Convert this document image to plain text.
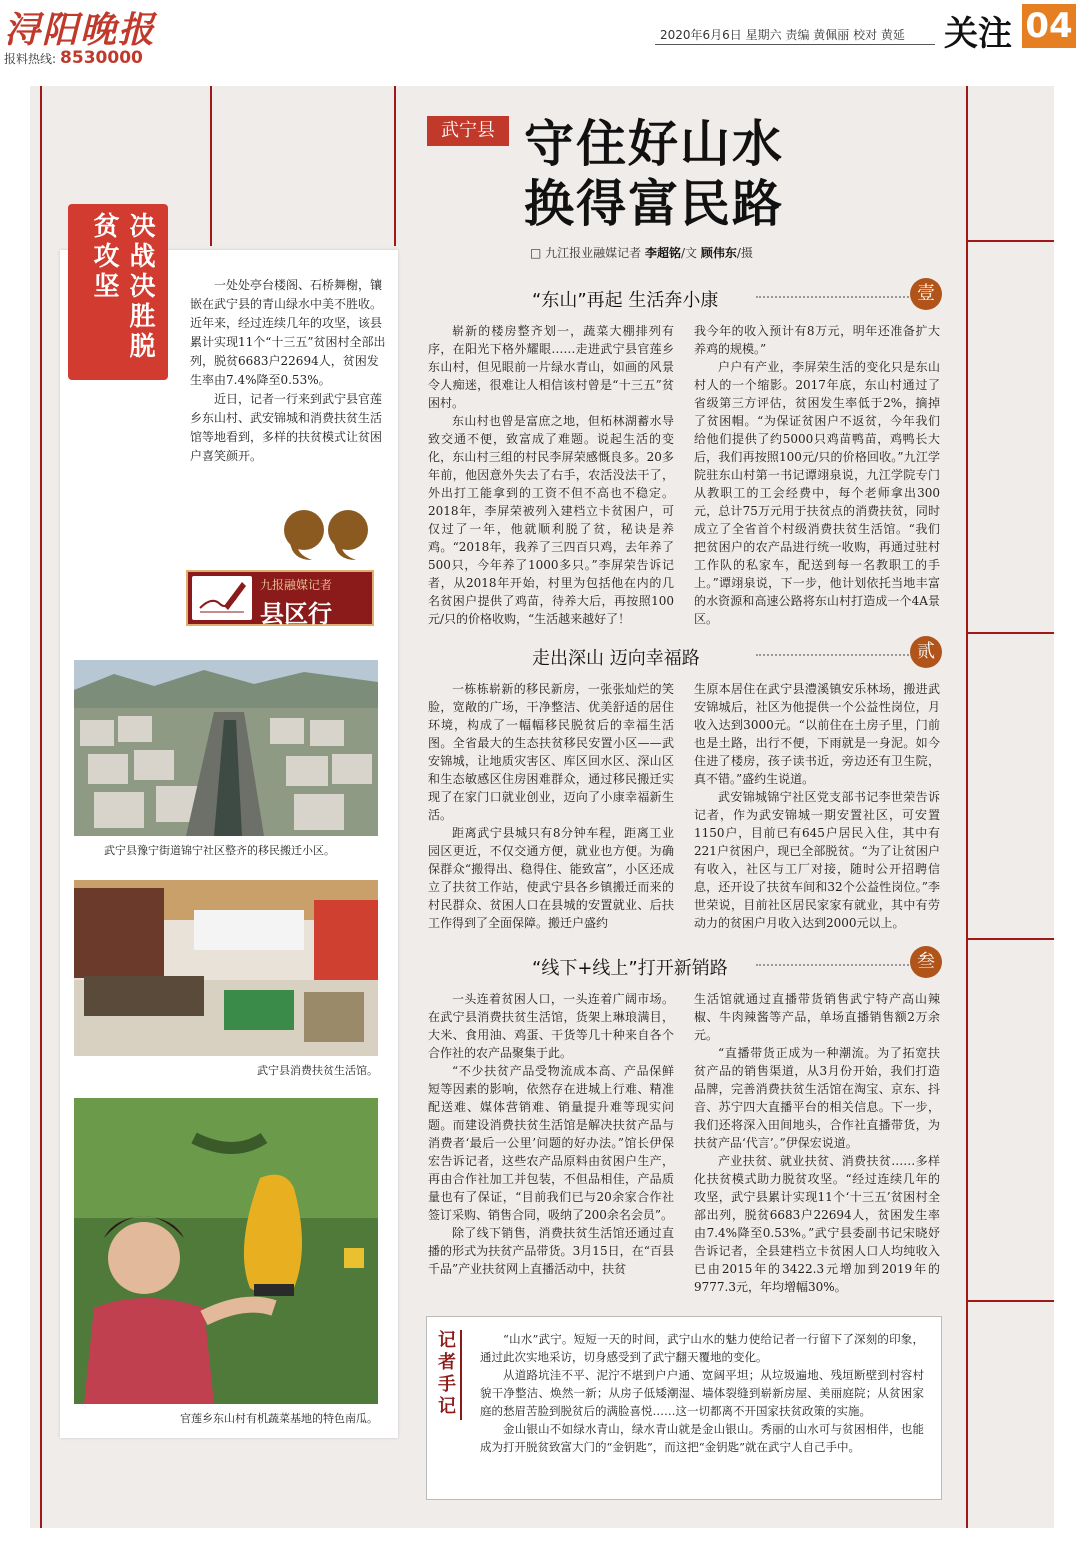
浔阳晚报
报料热线: 8530000
2020年6月6日 星期六 责编 黄佩丽 校对 黄延 关注 04
决战决胜脱贫攻坚	一处处亭台楼阁、石桥舞榭，镶嵌在武宁县的青山绿水中美不胜收。近年来，经过连续几年的攻坚，该县累计实现11个“十三五”贫困村全部出列，脱贫6683户22694人，贫困发生率由7.4%降至0.53%。

近日，记者一行来到武宁县官莲乡东山村、武安锦城和消费扶贫生活馆等地看到，多样的扶贫模式让贫困户喜笑颜开。

九报融媒记者
县区行
武宁县豫宁街道锦宁社区整齐的移民搬迁小区。
武宁县消费扶贫生活馆。
官莲乡东山村有机蔬菜基地的特色南瓜。
武宁县 守住好山水
换得富民路
□ 九江报业融媒记者 李超铭/文 顾伟东/摄
“东山”再起 生活奔小康	壹

崭新的楼房整齐划一，蔬菜大棚排列有序，在阳光下格外耀眼……走进武宁县官莲乡东山村，但见眼前一片绿水青山，如画的风景令人痴迷，很难让人相信该村曾是“十三五”贫困村。

东山村也曾是富庶之地，但柘林湖蓄水导致交通不便，致富成了难题。说起生活的变化，东山村三组的村民李屏荣感慨良多。20多年前，他因意外失去了右手，农活没法干了，外出打工能拿到的工资不但不高也不稳定。2018年，李屏荣被列入建档立卡贫困户，可仅过了一年，他就顺利脱了贫，秘诀是养鸡。“2018年，我养了三四百只鸡，去年养了500只，今年养了1000多只。”李屏荣告诉记者，从2018年开始，村里为包括他在内的几名贫困户提供了鸡苗，待养大后，再按照100元/只的价格收购，“生活越来越好了！

我今年的收入预计有8万元，明年还准备扩大养鸡的规模。”

户户有产业，李屏荣生活的变化只是东山村人的一个缩影。2017年底，东山村通过了省级第三方评估，贫困发生率低于2%，摘掉了贫困帽。“为保证贫困户不返贫，今年我们给他们提供了约5000只鸡苗鸭苗，鸡鸭长大后，我们再按照100元/只的价格回收。”九江学院驻东山村第一书记谭翊泉说，九江学院专门从教职工的工会经费中，每个老师拿出300元，总计75万元用于扶贫点的消费扶贫，同时成立了全省首个村级消费扶贫生活馆。“我们把贫困户的农产品进行统一收购，再通过驻村工作队的私家车，配送到每一名教职工的手上。”谭翊泉说，下一步，他计划依托当地丰富的水资源和高速公路将东山村打造成一个4A景区。

走出深山 迈向幸福路	贰

一栋栋崭新的移民新房，一张张灿烂的笑脸，宽敞的广场，干净整洁、优美舒适的居住环境，构成了一幅幅移民脱贫后的幸福生活图。全省最大的生态扶贫移民安置小区——武安锦城，让地质灾害区、库区回水区、深山区和生态敏感区住房困难群众，通过移民搬迁实现了在家门口就业创业，迈向了小康幸福新生活。

距离武宁县城只有8分钟车程，距离工业园区更近，不仅交通方便，就业也方便。为确保群众“搬得出、稳得住、能致富”，小区还成立了扶贫工作站，使武宁县各乡镇搬迁而来的村民群众、贫困人口在县城的安置就业、后扶工作得到了全面保障。搬迁户盛约

生原本居住在武宁县澧溪镇安乐林场，搬进武安锦城后，社区为他提供一个公益性岗位，月收入达到3000元。“以前住在土房子里，门前也是土路，出行不便，下雨就是一身泥。如今住进了楼房，孩子读书近，旁边还有卫生院，真不错。”盛约生说道。

武安锦城锦宁社区党支部书记李世荣告诉记者，作为武安锦城一期安置社区，可安置1150户，目前已有645户居民入住，其中有221户贫困户，现已全部脱贫。“为了让贫困户有收入，社区与工厂对接，随时公开招聘信息，还开设了扶贫车间和32个公益性岗位。”李世荣说，目前社区居民家家有就业，其中有劳动力的贫困户月收入达到2000元以上。

“线下+线上”打开新销路	叁

一头连着贫困人口，一头连着广阔市场。在武宁县消费扶贫生活馆，货架上琳琅满目，大米、食用油、鸡蛋、干货等几十种来自各个合作社的农产品聚集于此。

“不少扶贫产品受物流成本高、产品保鲜短等因素的影响，依然存在进城上行难、精准配送难、媒体营销难、销量提升难等现实问题。而建设消费扶贫生活馆是解决扶贫产品与消费者‘最后一公里’问题的好办法。”馆长伊保宏告诉记者，这些农产品原料由贫困户生产，再由合作社加工并包装，不但品相佳，产品质量也有了保证，“目前我们已与20余家合作社签订采购、销售合同，吸纳了200余名会员”。

除了线下销售，消费扶贫生活馆还通过直播的形式为扶贫产品带货。3月15日，在“百县千品”产业扶贫网上直播活动中，扶贫

生活馆就通过直播带货销售武宁特产高山辣椒、牛肉辣酱等产品，单场直播销售额2万余元。

“直播带货正成为一种潮流。为了拓宽扶贫产品的销售渠道，从3月份开始，我们打造品牌，完善消费扶贫生活馆在淘宝、京东、抖音、苏宁四大直播平台的相关信息。下一步，我们还将深入田间地头，合作社直播带货，为扶贫产品‘代言’。”伊保宏说道。

产业扶贫、就业扶贫、消费扶贫……多样化扶贫模式助力脱贫攻坚。“经过连续几年的攻坚，武宁县累计实现11个‘十三五’贫困村全部出列，脱贫6683户22694人，贫困发生率由7.4%降至0.53%。”武宁县委副书记宋晓妤告诉记者，全县建档立卡贫困人口人均纯收入已由2015年的3422.3元增加到2019年的9777.3元，年均增幅30%。

记者手记	“山水”武宁。短短一天的时间，武宁山水的魅力使给记者一行留下了深刻的印象，通过此次实地采访，切身感受到了武宁翻天覆地的变化。

从道路坑洼不平、泥泞不堪到户户通、宽阔平坦；从垃圾遍地、残垣断壁到村容村貌干净整洁、焕然一新；从房子低矮潮湿、墙体裂缝到崭新房屋、美丽庭院；从贫困家庭的愁眉苦脸到脱贫后的满脸喜悦……这一切都离不开国家扶贫政策的实施。

金山银山不如绿水青山，绿水青山就是金山银山。秀丽的山水可与贫困相伴，也能成为打开脱贫致富大门的“金钥匙”，而这把“金钥匙”就在武宁人自己手中。
